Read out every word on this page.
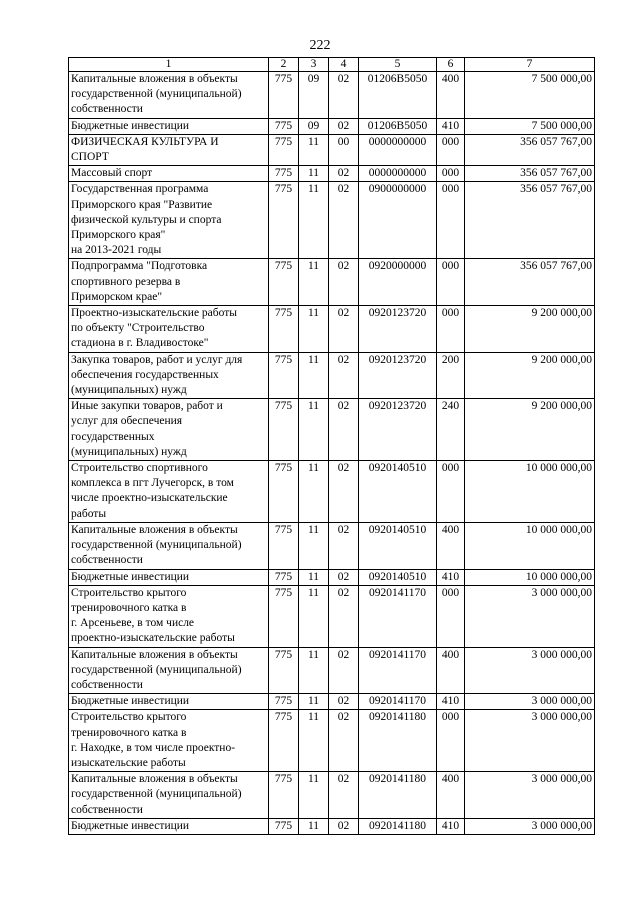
222
1	2	3	4	5	6	7
Капитальные вложения в объекты
государственной (муниципальной)
собственности	775	09	02	01206B5050	400	7 500 000,00
Бюджетные инвестиции	775	09	02	01206B5050	410	7 500 000,00
ФИЗИЧЕСКАЯ КУЛЬТУРА И
СПОРТ	775	11	00	0000000000	000	356 057 767,00
Массовый спорт	775	11	02	0000000000	000	356 057 767,00
Государственная программа
Приморского края "Развитие
физической культуры и спорта
Приморского края"
на 2013-2021 годы	775	11	02	0900000000	000	356 057 767,00
Подпрограмма "Подготовка
спортивного резерва в
Приморском крае"	775	11	02	0920000000	000	356 057 767,00
Проектно-изыскательские работы
по объекту "Строительство
стадиона в г. Владивостоке"	775	11	02	0920123720	000	9 200 000,00
Закупка товаров, работ и услуг для
обеспечения государственных
(муниципальных) нужд	775	11	02	0920123720	200	9 200 000,00
Иные закупки товаров, работ и
услуг для обеспечения
государственных
(муниципальных) нужд	775	11	02	0920123720	240	9 200 000,00
Строительство спортивного
комплекса в пгт Лучегорск, в том
числе проектно-изыскательские
работы	775	11	02	0920140510	000	10 000 000,00
Капитальные вложения в объекты
государственной (муниципальной)
собственности	775	11	02	0920140510	400	10 000 000,00
Бюджетные инвестиции	775	11	02	0920140510	410	10 000 000,00
Строительство крытого
тренировочного катка в
г. Арсеньеве, в том числе
проектно-изыскательские работы	775	11	02	0920141170	000	3 000 000,00
Капитальные вложения в объекты
государственной (муниципальной)
собственности	775	11	02	0920141170	400	3 000 000,00
Бюджетные инвестиции	775	11	02	0920141170	410	3 000 000,00
Строительство крытого
тренировочного катка в
г. Находке, в том числе проектно-
изыскательские работы	775	11	02	0920141180	000	3 000 000,00
Капитальные вложения в объекты
государственной (муниципальной)
собственности	775	11	02	0920141180	400	3 000 000,00
Бюджетные инвестиции	775	11	02	0920141180	410	3 000 000,00
